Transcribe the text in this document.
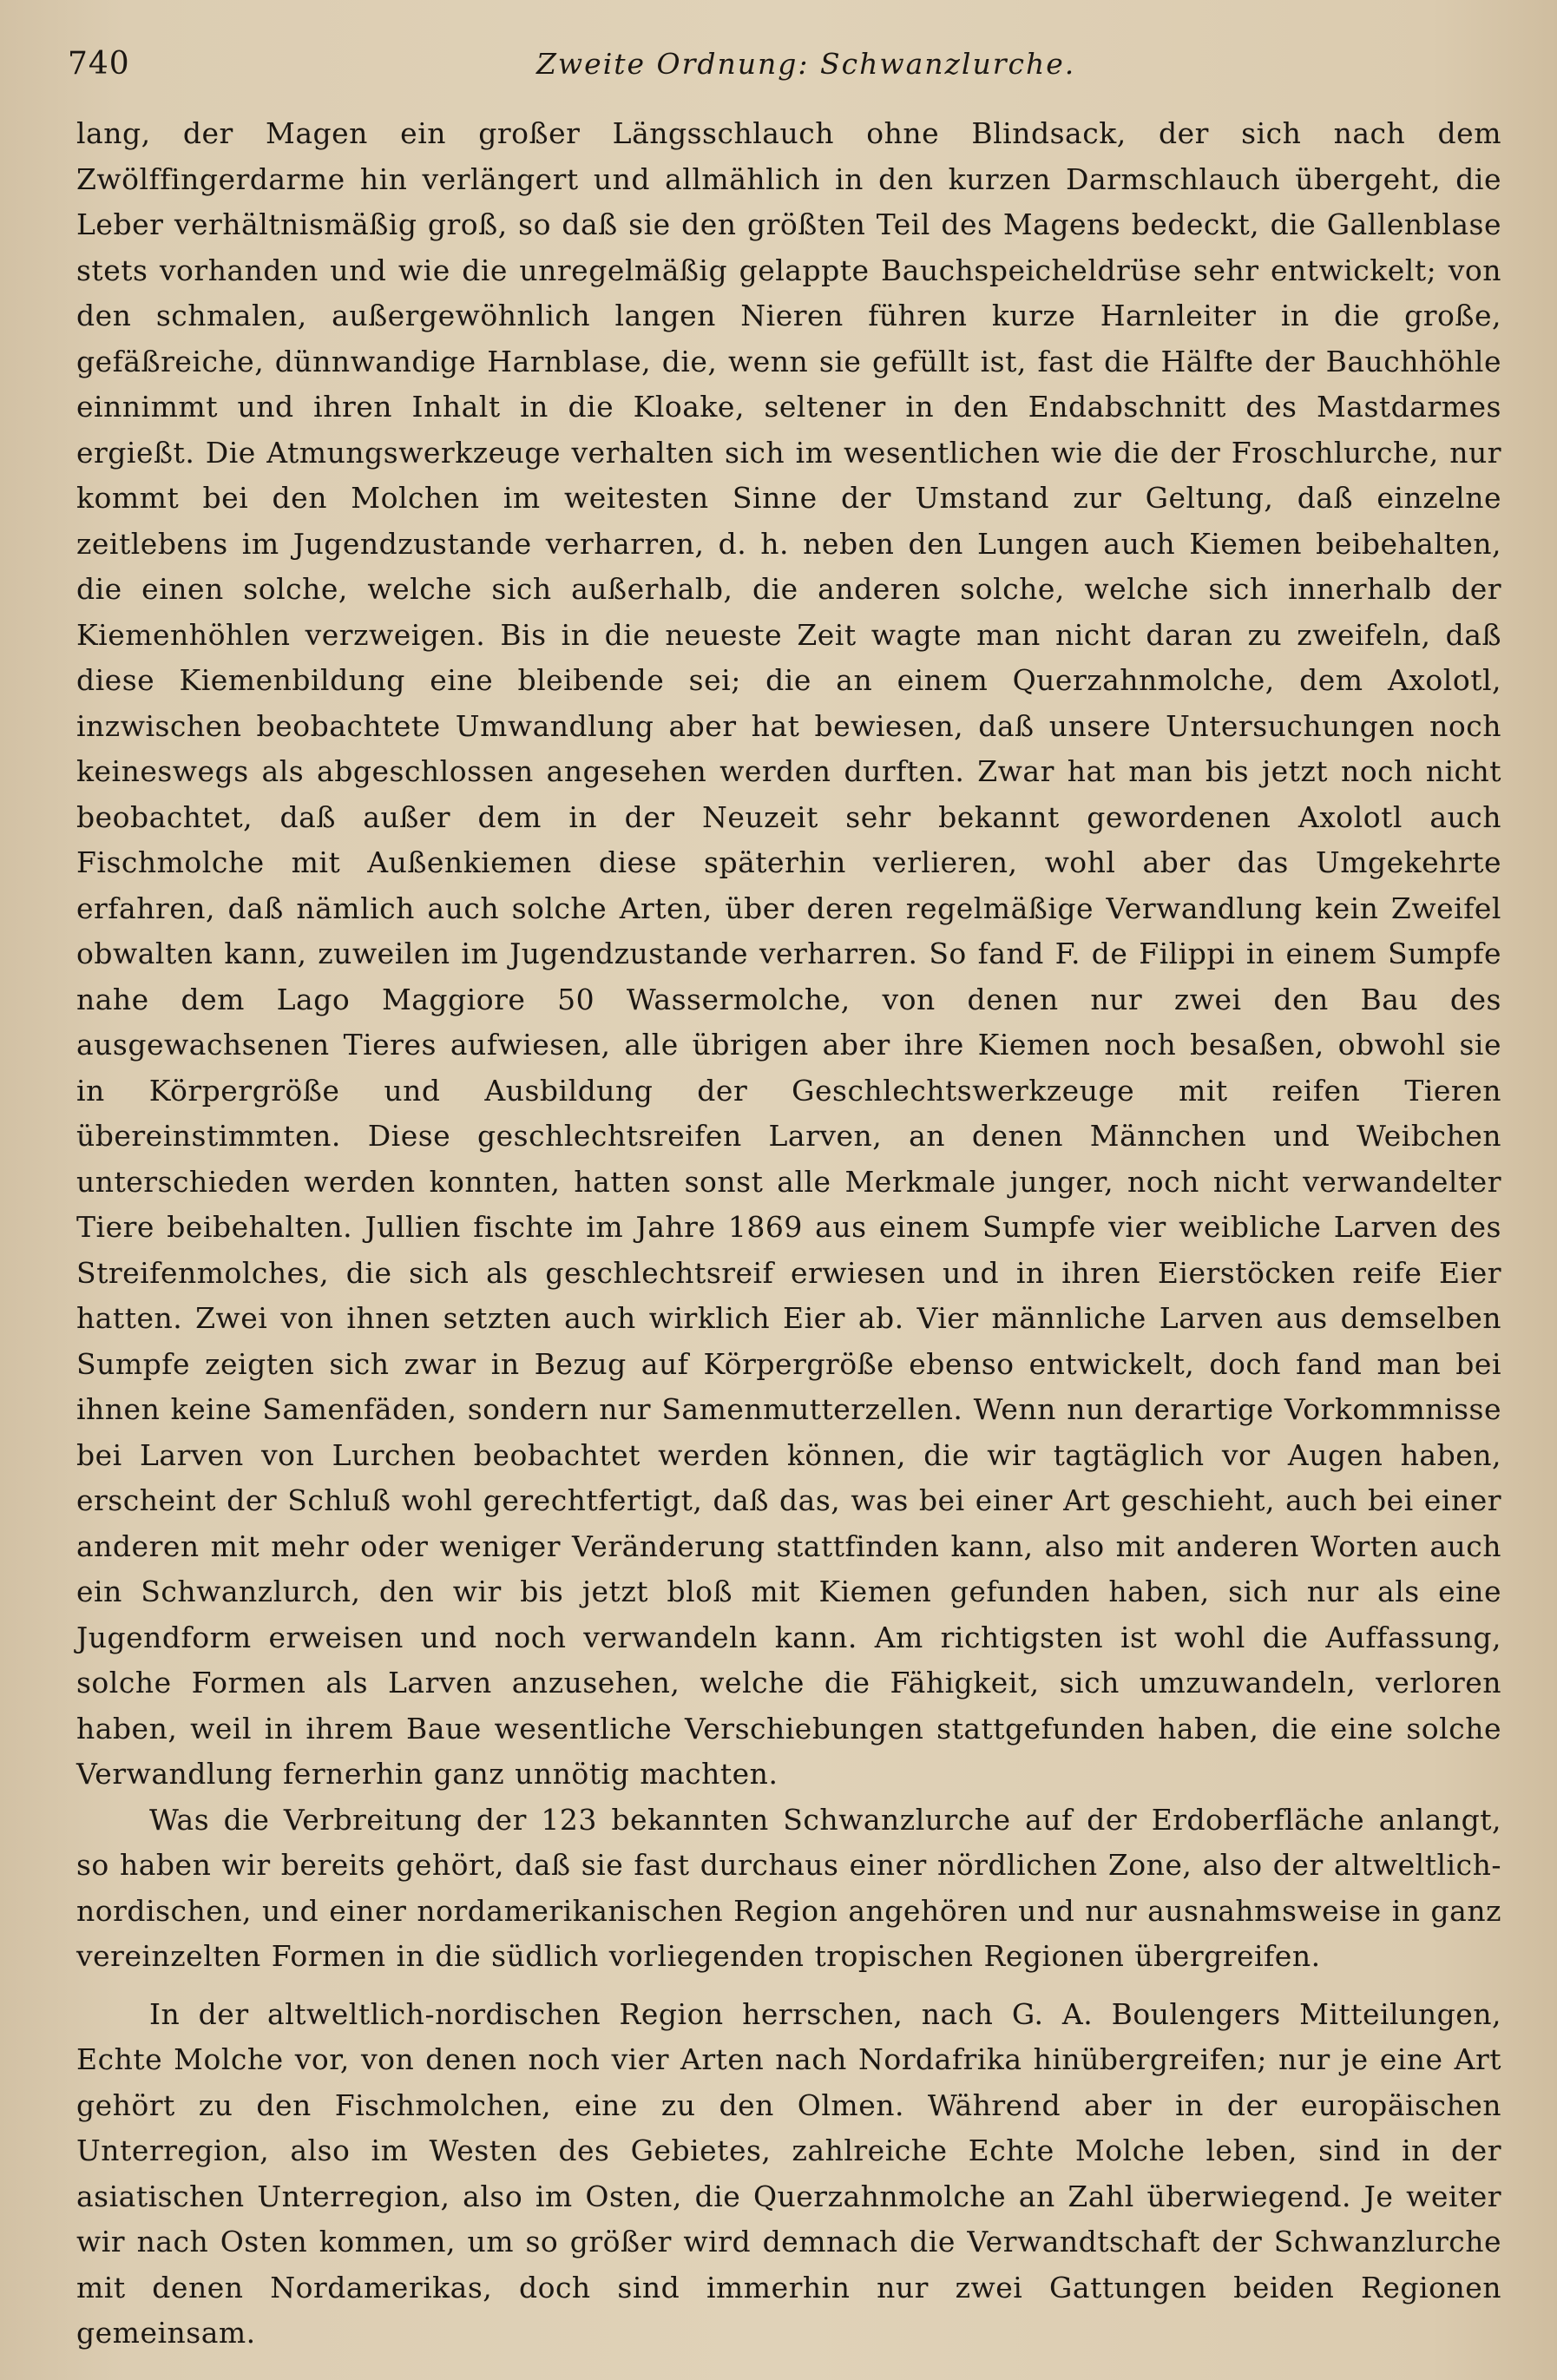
740	Zweite Ordnung: Schwanzlurche.

lang, der Magen ein großer Längsschlauch ohne Blindsack, der sich nach dem Zwölffingerdarme hin verlängert und allmählich in den kurzen Darmschlauch übergeht, die Leber verhältnismäßig groß, so daß sie den größten Teil des Magens bedeckt, die Gallenblase stets vorhanden und wie die unregelmäßig gelappte Bauchspeicheldrüse sehr entwickelt; von den schmalen, außergewöhnlich langen Nieren führen kurze Harnleiter in die große, gefäßreiche, dünnwandige Harnblase, die, wenn sie gefüllt ist, fast die Hälfte der Bauchhöhle einnimmt und ihren Inhalt in die Kloake, seltener in den Endabschnitt des Mastdarmes ergießt. Die Atmungswerkzeuge verhalten sich im wesentlichen wie die der Froschlurche, nur kommt bei den Molchen im weitesten Sinne der Umstand zur Geltung, daß einzelne zeitlebens im Jugendzustande verharren, d. h. neben den Lungen auch Kiemen beibehalten, die einen solche, welche sich außerhalb, die anderen solche, welche sich innerhalb der Kiemenhöhlen verzweigen. Bis in die neueste Zeit wagte man nicht daran zu zweifeln, daß diese Kiemenbildung eine bleibende sei; die an einem Querzahnmolche, dem Axolotl, inzwischen beobachtete Umwandlung aber hat bewiesen, daß unsere Untersuchungen noch keineswegs als abgeschlossen angesehen werden durften. Zwar hat man bis jetzt noch nicht beobachtet, daß außer dem in der Neuzeit sehr bekannt gewordenen Axolotl auch Fischmolche mit Außenkiemen diese späterhin verlieren, wohl aber das Umgekehrte erfahren, daß nämlich auch solche Arten, über deren regelmäßige Verwandlung kein Zweifel obwalten kann, zuweilen im Jugendzustande verharren. So fand F. de Filippi in einem Sumpfe nahe dem Lago Maggiore 50 Wassermolche, von denen nur zwei den Bau des ausgewachsenen Tieres aufwiesen, alle übrigen aber ihre Kiemen noch besaßen, obwohl sie in Körpergröße und Ausbildung der Geschlechtswerkzeuge mit reifen Tieren übereinstimmten. Diese geschlechtsreifen Larven, an denen Männchen und Weibchen unterschieden werden konnten, hatten sonst alle Merkmale junger, noch nicht verwandelter Tiere beibehalten. Jullien fischte im Jahre 1869 aus einem Sumpfe vier weibliche Larven des Streifenmolches, die sich als geschlechtsreif erwiesen und in ihren Eierstöcken reife Eier hatten. Zwei von ihnen setzten auch wirklich Eier ab. Vier männliche Larven aus demselben Sumpfe zeigten sich zwar in Bezug auf Körpergröße ebenso entwickelt, doch fand man bei ihnen keine Samenfäden, sondern nur Samenmutterzellen. Wenn nun derartige Vorkommnisse bei Larven von Lurchen beobachtet werden können, die wir tagtäglich vor Augen haben, erscheint der Schluß wohl gerechtfertigt, daß das, was bei einer Art geschieht, auch bei einer anderen mit mehr oder weniger Veränderung stattfinden kann, also mit anderen Worten auch ein Schwanzlurch, den wir bis jetzt bloß mit Kiemen gefunden haben, sich nur als eine Jugendform erweisen und noch verwandeln kann. Am richtigsten ist wohl die Auffassung, solche Formen als Larven anzusehen, welche die Fähigkeit, sich umzuwandeln, verloren haben, weil in ihrem Baue wesentliche Verschiebungen stattgefunden haben, die eine solche Verwandlung fernerhin ganz unnötig machten.

Was die Verbreitung der 123 bekannten Schwanzlurche auf der Erdoberfläche anlangt, so haben wir bereits gehört, daß sie fast durchaus einer nördlichen Zone, also der altweltlich-nordischen, und einer nordamerikanischen Region angehören und nur ausnahmsweise in ganz vereinzelten Formen in die südlich vorliegenden tropischen Regionen übergreifen.

In der altweltlich-nordischen Region herrschen, nach G. A. Boulengers Mitteilungen, Echte Molche vor, von denen noch vier Arten nach Nordafrika hinübergreifen; nur je eine Art gehört zu den Fischmolchen, eine zu den Olmen. Während aber in der europäischen Unterregion, also im Westen des Gebietes, zahlreiche Echte Molche leben, sind in der asiatischen Unterregion, also im Osten, die Querzahnmolche an Zahl überwiegend. Je weiter wir nach Osten kommen, um so größer wird demnach die Verwandtschaft der Schwanzlurche mit denen Nordamerikas, doch sind immerhin nur zwei Gattungen beiden Regionen gemeinsam.
